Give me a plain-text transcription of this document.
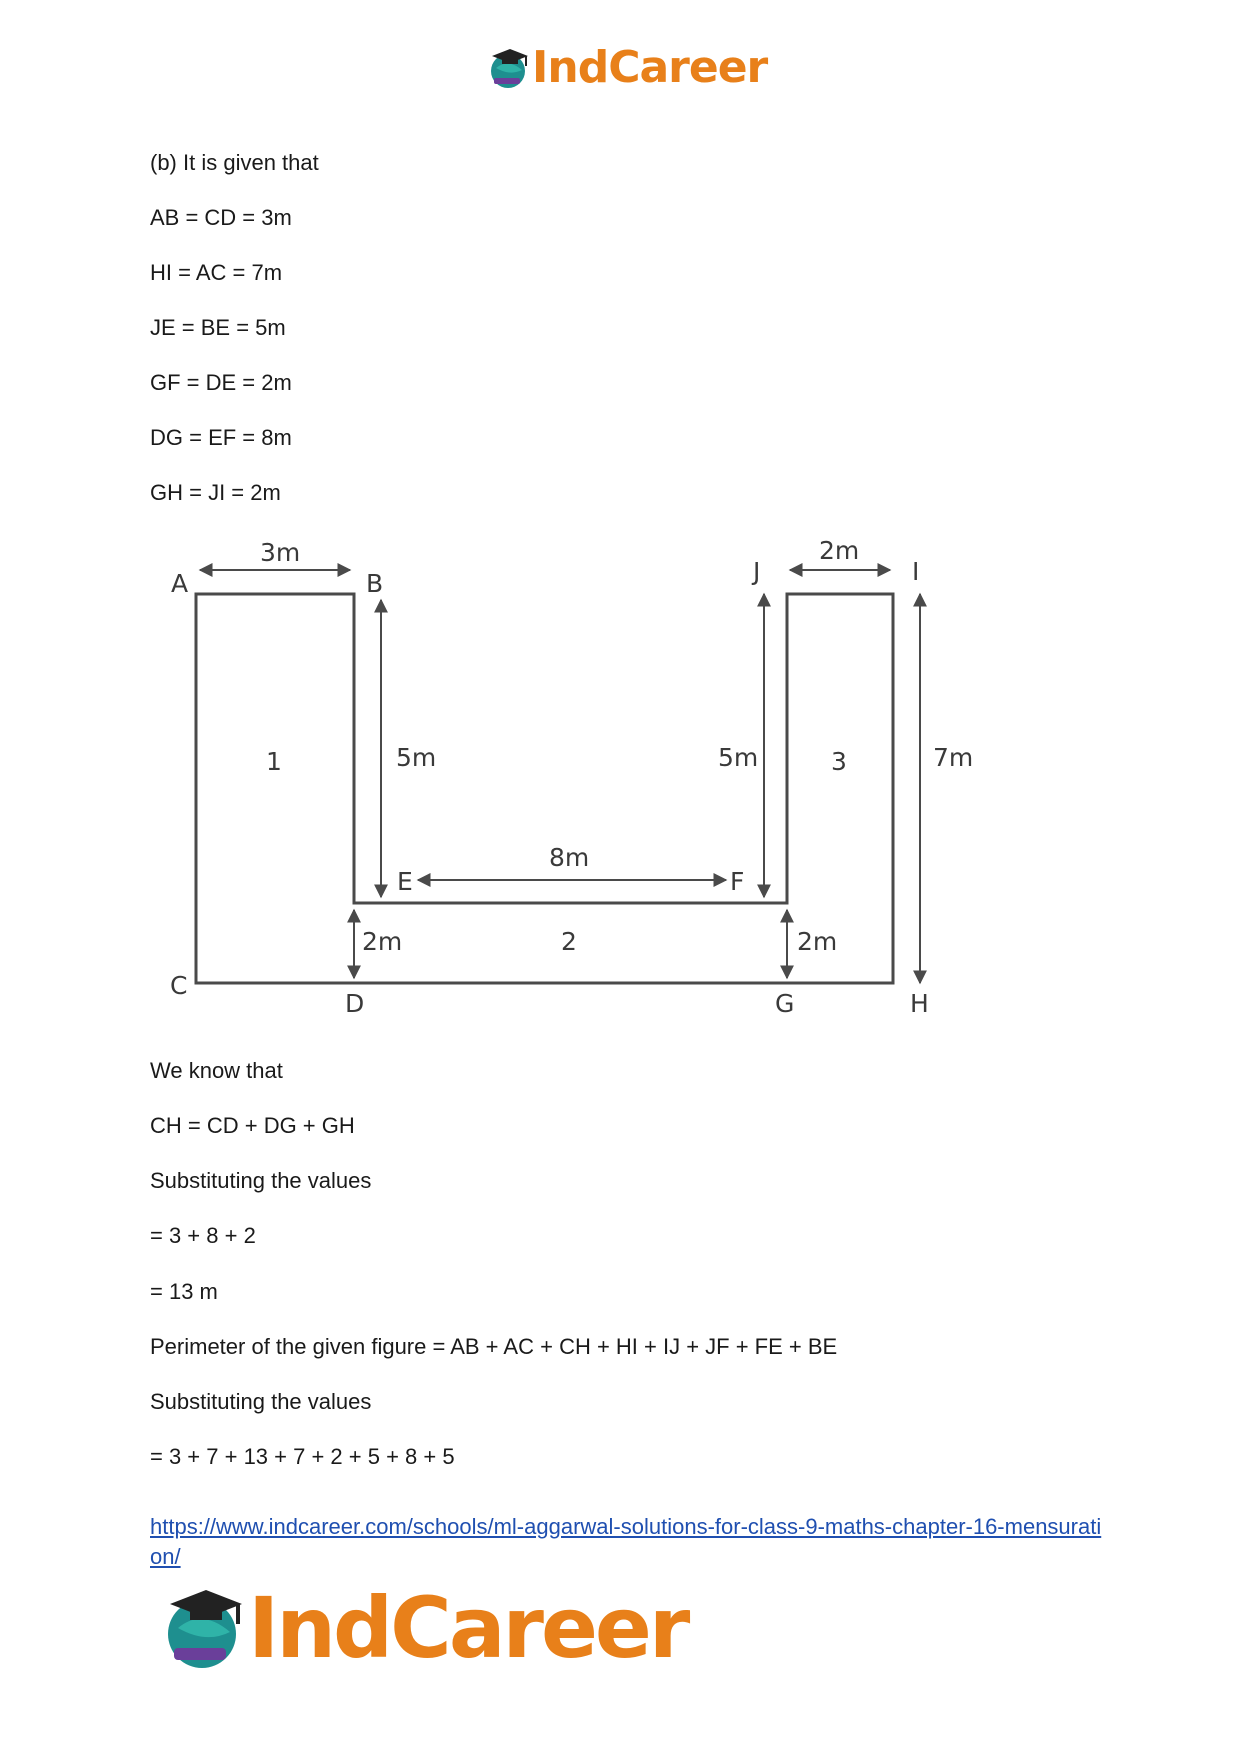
IndCareer
(b) It is given that
AB = CD = 3m
HI = AC = 7m
JE = BE = 5m
GF = DE = 2m
DG = EF = 8m
GH = JI = 2m
We know that
CH = CD + DG + GH
Substituting the values
= 3 + 8 + 2
= 13 m
Perimeter of the given figure = AB + AC + CH + HI + IJ + JF + FE + BE
Substituting the values
= 3 + 7 + 13 + 7 + 2 + 5 + 8 + 5
A	B
C
D
E	F
G	H
I
J
1
2
3
3m	2m
5m	5m	7m
8m
2m	2m
https://www.indcareer.com/schools/ml-aggarwal-solutions-for-class-9-maths-chapter-16-mensuration/
IndCareer
